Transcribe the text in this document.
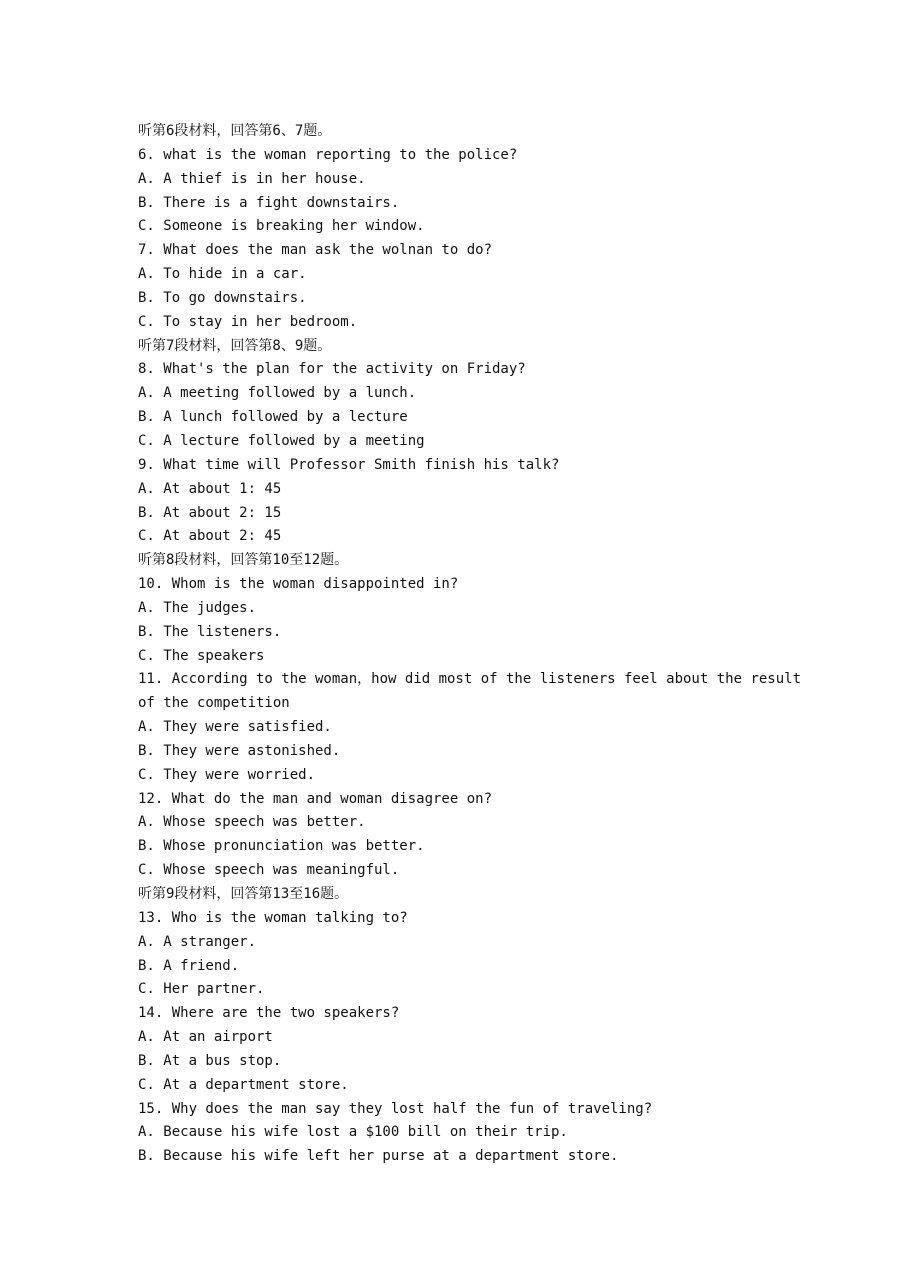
听第6段材料，回答第6、7题。
6. what is the woman reporting to the police?
A. A thief is in her house.
B. There is a fight downstairs.
C. Someone is breaking her window.
7. What does the man ask the wolnan to do?
A. To hide in a car.
B. To go downstairs.
C. To stay in her bedroom.
听第7段材料，回答第8、9题。
8. What's the plan for the activity on Friday?
A. A meeting followed by a lunch.
B. A lunch followed by a lecture
C. A lecture followed by a meeting
9. What time will Professor Smith finish his talk?
A. At about 1: 45
B. At about 2: 15
C. At about 2: 45
听第8段材料，回答第10至12题。
10. Whom is the woman disappointed in?
A. The judges.
B. The listeners.
C. The speakers
11. According to the woman，how did most of the listeners feel about the result
of the competition
A. They were satisfied.
B. They were astonished.
C. They were worried.
12. What do the man and woman disagree on?
A. Whose speech was better.
B. Whose pronunciation was better.
C. Whose speech was meaningful.
听第9段材料，回答第13至16题。
13. Who is the woman talking to?
A. A stranger.
B. A friend.
C. Her partner.
14. Where are the two speakers?
A. At an airport
B. At a bus stop.
C. At a department store.
15. Why does the man say they lost half the fun of traveling?
A. Because his wife lost a $100 bill on their trip.
B. Because his wife left her purse at a department store.
